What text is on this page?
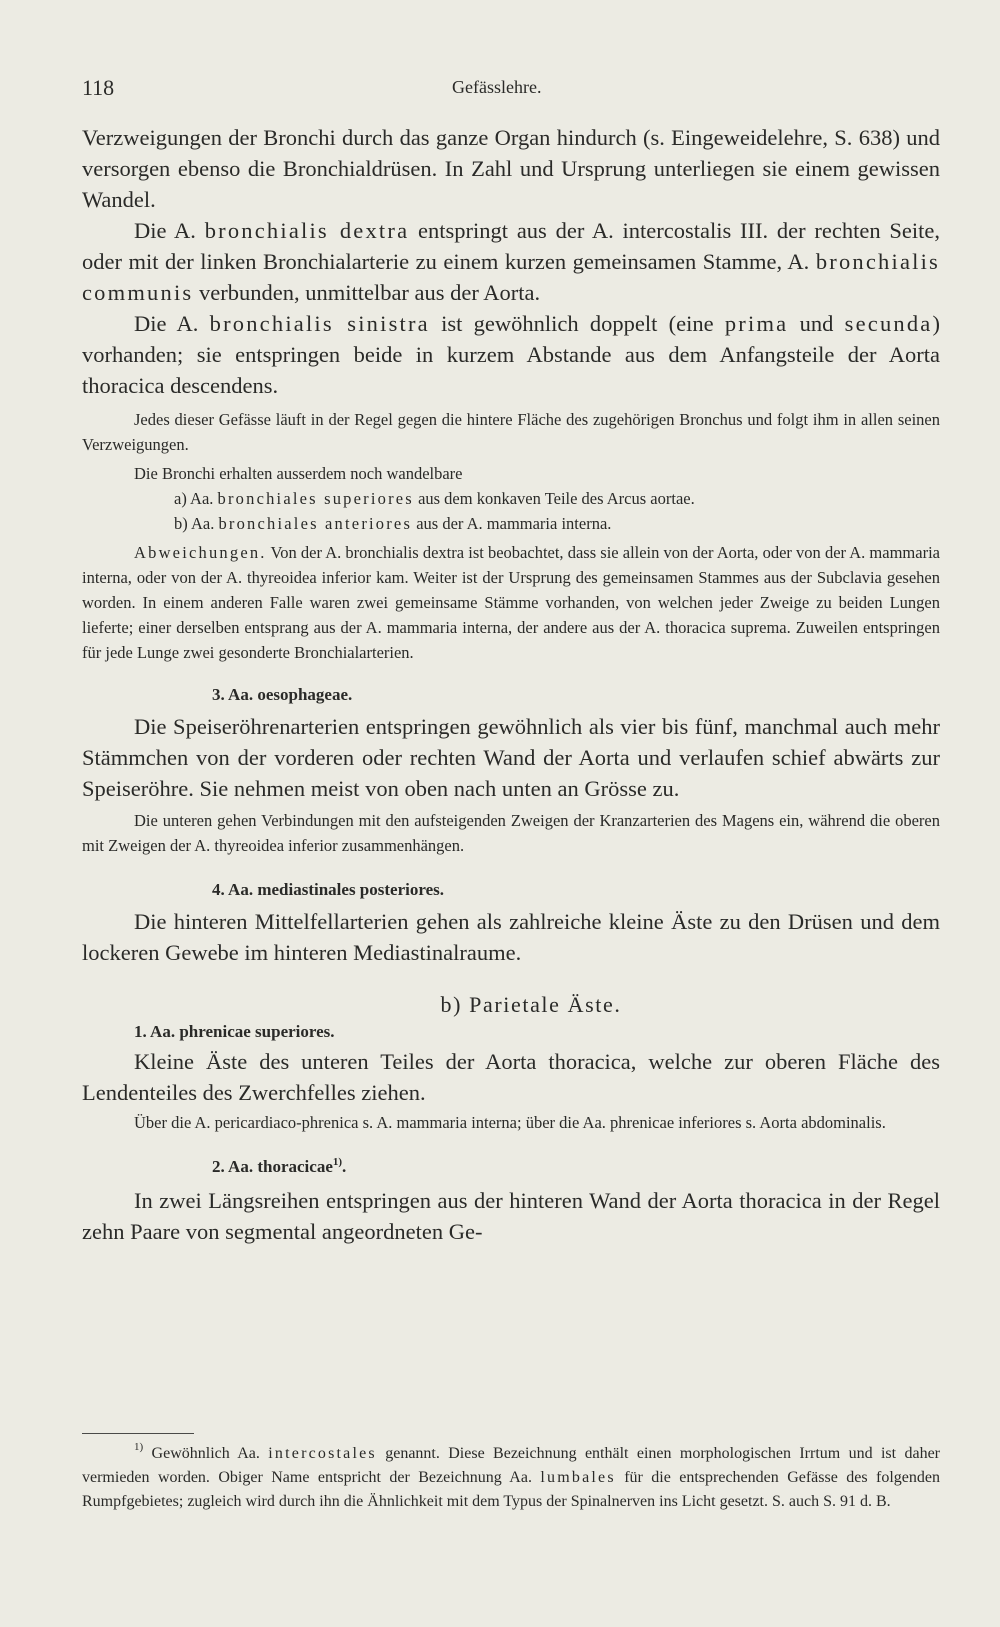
118	Gefässlehre.

Verzweigungen der Bronchi durch das ganze Organ hindurch (s. Eingeweidelehre, S. 638) und versorgen ebenso die Bronchialdrüsen. In Zahl und Ursprung unterliegen sie einem gewissen Wandel.

Die A. bronchialis dextra entspringt aus der A. intercostalis III. der rechten Seite, oder mit der linken Bronchialarterie zu einem kurzen gemeinsamen Stamme, A. bronchialis communis verbunden, unmittelbar aus der Aorta.

Die A. bronchialis sinistra ist gewöhnlich doppelt (eine prima und secunda) vorhanden; sie entspringen beide in kurzem Abstande aus dem Anfangsteile der Aorta thoracica descendens.

Jedes dieser Gefässe läuft in der Regel gegen die hintere Fläche des zugehörigen Bronchus und folgt ihm in allen seinen Verzweigungen.

Die Bronchi erhalten ausserdem noch wandelbare

a) Aa. bronchiales superiores aus dem konkaven Teile des Arcus aortae.
b) Aa. bronchiales anteriores aus der A. mammaria interna.

Abweichungen. Von der A. bronchialis dextra ist beobachtet, dass sie allein von der Aorta, oder von der A. mammaria interna, oder von der A. thyreoidea inferior kam. Weiter ist der Ursprung des gemeinsamen Stammes aus der Subclavia gesehen worden. In einem anderen Falle waren zwei gemeinsame Stämme vorhanden, von welchen jeder Zweige zu beiden Lungen lieferte; einer derselben entsprang aus der A. mammaria interna, der andere aus der A. thoracica suprema. Zuweilen entspringen für jede Lunge zwei gesonderte Bronchialarterien.

3. Aa. oesophageae.

Die Speiseröhrenarterien entspringen gewöhnlich als vier bis fünf, manchmal auch mehr Stämmchen von der vorderen oder rechten Wand der Aorta und verlaufen schief abwärts zur Speiseröhre. Sie nehmen meist von oben nach unten an Grösse zu.

Die unteren gehen Verbindungen mit den aufsteigenden Zweigen der Kranzarterien des Magens ein, während die oberen mit Zweigen der A. thyreoidea inferior zusammenhängen.

4. Aa. mediastinales posteriores.

Die hinteren Mittelfellarterien gehen als zahlreiche kleine Äste zu den Drüsen und dem lockeren Gewebe im hinteren Mediastinalraume.

b) Parietale Äste.
1. Aa. phrenicae superiores.

Kleine Äste des unteren Teiles der Aorta thoracica, welche zur oberen Fläche des Lendenteiles des Zwerchfelles ziehen.

Über die A. pericardiaco-phrenica s. A. mammaria interna; über die Aa. phrenicae inferiores s. Aorta abdominalis.

2. Aa. thoracicae$^{1)}$.

In zwei Längsreihen entspringen aus der hinteren Wand der Aorta thoracica in der Regel zehn Paare von segmental angeordneten Ge-

$^{1)}$ Gewöhnlich Aa. intercostales genannt. Diese Bezeichnung enthält einen morphologischen Irrtum und ist daher vermieden worden. Obiger Name entspricht der Bezeichnung Aa. lumbales für die entsprechenden Gefässe des folgenden Rumpfgebietes; zugleich wird durch ihn die Ähnlichkeit mit dem Typus der Spinalnerven ins Licht gesetzt. S. auch S. 91 d. B.
